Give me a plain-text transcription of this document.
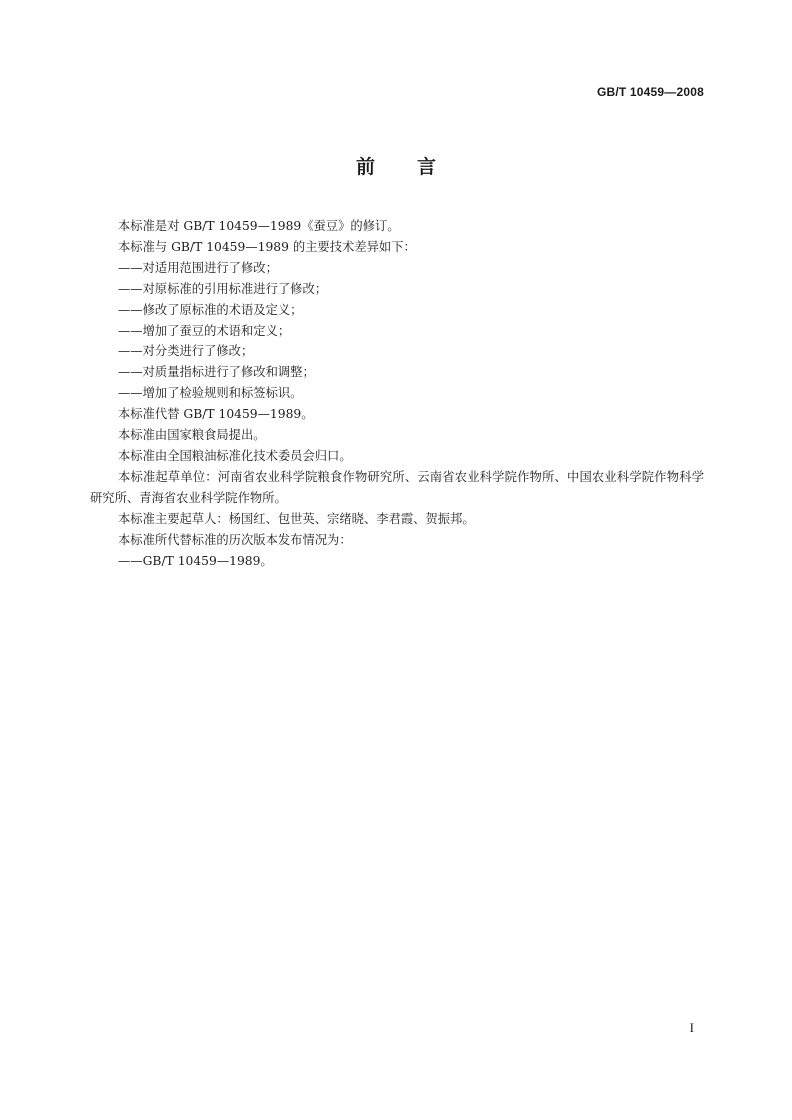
GB/T 10459—2008
前言

本标准是对 GB/T 10459—1989《蚕豆》的修订。

本标准与 GB/T 10459—1989 的主要技术差异如下：

——对适用范围进行了修改；

——对原标准的引用标准进行了修改；

——修改了原标准的术语及定义；

——增加了蚕豆的术语和定义；

——对分类进行了修改；

——对质量指标进行了修改和调整；

——增加了检验规则和标签标识。

本标准代替 GB/T 10459—1989。

本标准由国家粮食局提出。

本标准由全国粮油标准化技术委员会归口。

本标准起草单位：河南省农业科学院粮食作物研究所、云南省农业科学院作物所、中国农业科学院作物科学研究所、青海省农业科学院作物所。

本标准主要起草人：杨国红、包世英、宗绪晓、李君霞、贺振邦。

本标准所代替标准的历次版本发布情况为：

——GB/T 10459—1989。

I
